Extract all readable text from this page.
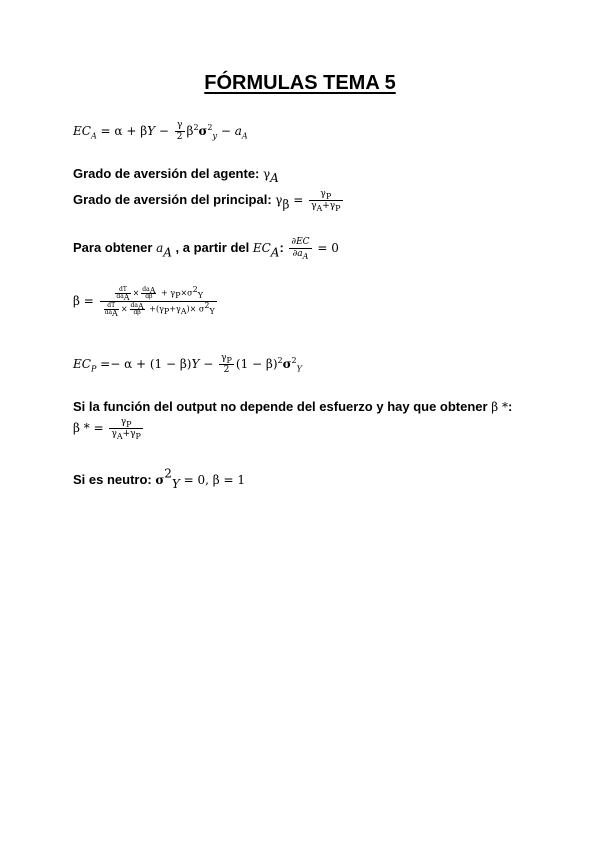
FÓRMULAS TEMA 5
$EC_A = \alpha + \beta Y - \frac{\gamma}{2} \beta^2\sigma^2_y - a_A$
Grado de aversión del agente: $\gamma_A$
Grado de aversión del principal: $\gamma_\beta = \frac{\gamma_P}{\gamma_A+\gamma_P}$
Para obtener $a_A$ , a partir del $EC_A$: $\frac{\partial EC}{\partial a_A} = 0$
$\beta = \frac{\frac{dT}{da_A} \times \frac{da_A}{d\beta} + \gamma_P\times\sigma^2_Y}{\frac{dT}{da_A} \times \frac{da_A}{d\beta} +(\gamma_P+\gamma_A)\times \sigma^2_Y}$
$EC_P =- \alpha + (1 - \beta)Y - \frac{\gamma_P}{2} (1 - \beta)^2\sigma^2_Y$
Si la función del output no depende del esfuerzo y hay que obtener β *:
β * = $\frac{\gamma_P}{\gamma_A+\gamma_P}$
Si es neutro: $\sigma^2_Y = 0$, β = 1
